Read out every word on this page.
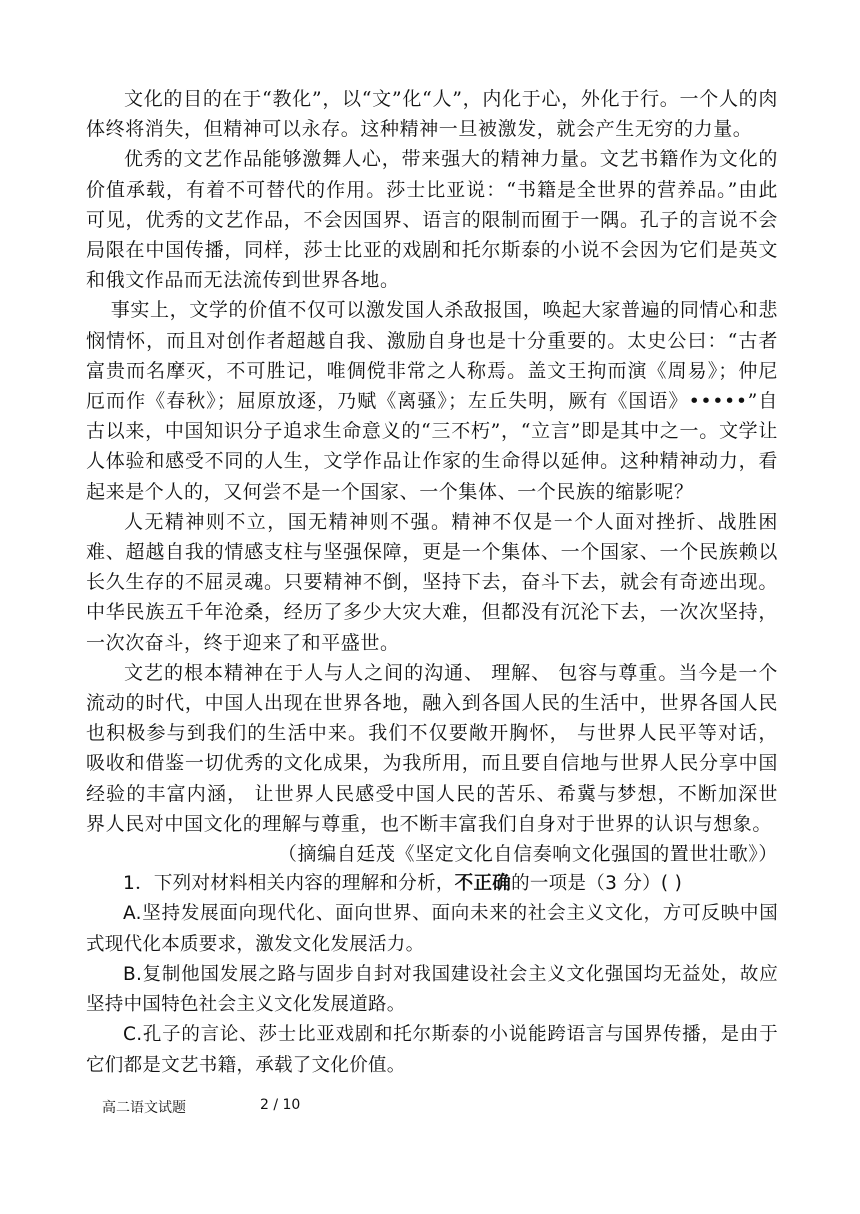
文化的目的在于“教化”，以“文”化“人”，内化于心，外化于行。一个人的肉体终将消失，但精神可以永存。这种精神一旦被激发，就会产生无穷的力量。

优秀的文艺作品能够激舞人心，带来强大的精神力量。文艺书籍作为文化的价值承载，有着不可替代的作用。莎士比亚说：“书籍是全世界的营养品。”由此可见，优秀的文艺作品，不会因国界、语言的限制而囿于一隅。孔子的言说不会局限在中国传播，同样，莎士比亚的戏剧和托尔斯泰的小说不会因为它们是英文和俄文作品而无法流传到世界各地。

事实上，文学的价值不仅可以激发国人杀敌报国，唤起大家普遍的同情心和悲悯情怀，而且对创作者超越自我、激励自身也是十分重要的。太史公曰：“古者富贵而名摩灭，不可胜记，唯倜傥非常之人称焉。盖文王拘而演《周易》；仲尼厄而作《春秋》；屈原放逐，乃赋《离骚》；左丘失明，厥有《国语》•••••”自古以来，中国知识分子追求生命意义的“三不朽”，“立言”即是其中之一。文学让人体验和感受不同的人生，文学作品让作家的生命得以延伸。这种精神动力，看起来是个人的，又何尝不是一个国家、一个集体、一个民族的缩影呢？

人无精神则不立，国无精神则不强。精神不仅是一个人面对挫折、战胜困难、超越自我的情感支柱与坚强保障，更是一个集体、一个国家、一个民族赖以长久生存的不屈灵魂。只要精神不倒，坚持下去，奋斗下去，就会有奇迹出现。 中华民族五千年沧桑，经历了多少大灾大难，但都没有沉沦下去，一次次坚持，一次次奋斗，终于迎来了和平盛世。

文艺的根本精神在于人与人之间的沟通、 理解、 包容与尊重。当今是一个流动的时代，中国人出现在世界各地，融入到各国人民的生活中，世界各国人民也积极参与到我们的生活中来。我们不仅要敞开胸怀， 与世界人民平等对话， 吸收和借鉴一切优秀的文化成果，为我所用，而且要自信地与世界人民分享中国经验的丰富内涵， 让世界人民感受中国人民的苦乐、希冀与梦想，不断加深世界人民对中国文化的理解与尊重，也不断丰富我们自身对于世界的认识与想象。

（摘编自廷茂《坚定文化自信奏响文化强国的置世壮歌》）

1．下列对材料相关内容的理解和分析，不正确的一项是（3 分）( )

A.坚持发展面向现代化、面向世界、面向未来的社会主义文化，方可反映中国式现代化本质要求，激发文化发展活力。

B.复制他国发展之路与固步自封对我国建设社会主义文化强国均无益处，故应坚持中国特色社会主义文化发展道路。

C.孔子的言论、莎士比亚戏剧和托尔斯泰的小说能跨语言与国界传播，是由于它们都是文艺书籍，承载了文化价值。

高二语文试题	2 / 10
